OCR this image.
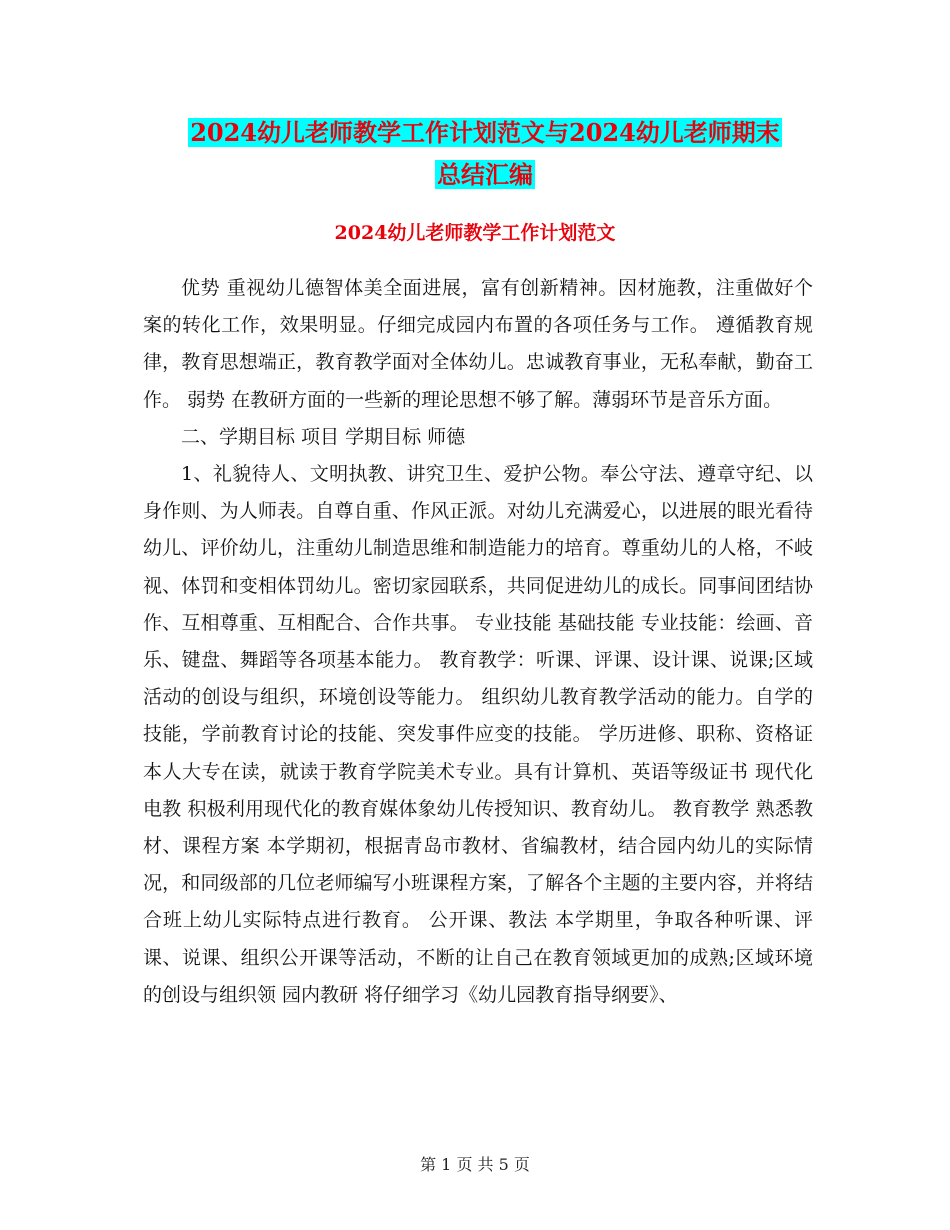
2024幼儿老师教学工作计划范文与2024幼儿老师期末
总结汇编
2024幼儿老师教学工作计划范文

优势 重视幼儿德智体美全面进展，富有创新精神。因材施教，注重做好个案的转化工作，效果明显。仔细完成园内布置的各项任务与工作。 遵循教育规律，教育思想端正，教育教学面对全体幼儿。忠诚教育事业，无私奉献，勤奋工作。 弱势 在教研方面的一些新的理论思想不够了解。薄弱环节是音乐方面。

二、学期目标 项目 学期目标 师德

1、礼貌待人、文明执教、讲究卫生、爱护公物。奉公守法、遵章守纪、以身作则、为人师表。自尊自重、作风正派。对幼儿充满爱心，以进展的眼光看待幼儿、评价幼儿，注重幼儿制造思维和制造能力的培育。尊重幼儿的人格，不岐视、体罚和变相体罚幼儿。密切家园联系，共同促进幼儿的成长。同事间团结协作、互相尊重、互相配合、合作共事。 专业技能 基础技能 专业技能：绘画、音乐、键盘、舞蹈等各项基本能力。 教育教学：听课、评课、设计课、说课;区域活动的创设与组织，环境创设等能力。 组织幼儿教育教学活动的能力。自学的技能，学前教育讨论的技能、突发事件应变的技能。 学历进修、职称、资格证 本人大专在读，就读于教育学院美术专业。具有计算机、英语等级证书 现代化电教 积极利用现代化的教育媒体象幼儿传授知识、教育幼儿。 教育教学 熟悉教材、课程方案 本学期初，根据青岛市教材、省编教材，结合园内幼儿的实际情况，和同级部的几位老师编写小班课程方案，了解各个主题的主要内容，并将结合班上幼儿实际特点进行教育。 公开课、教法 本学期里，争取各种听课、评课、说课、组织公开课等活动，不断的让自己在教育领域更加的成熟;区域环境的创设与组织领 园内教研 将仔细学习《幼儿园教育指导纲要》、

第 1 页 共 5 页
